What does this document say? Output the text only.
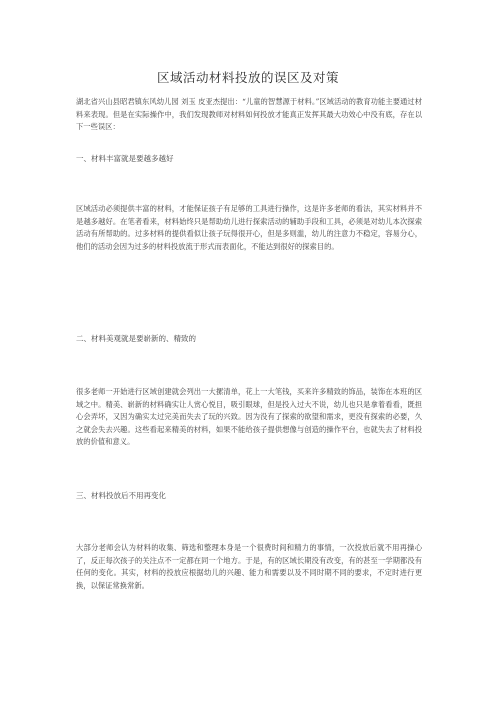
区域活动材料投放的误区及对策

湖北省兴山县昭君镇东风幼儿园 刘玉 皮亚杰提出：“儿童的智慧源于材料。”区域活动的教育功能主要通过材料来表现。但是在实际操作中，我们发现教师对材料如何投放才能真正发挥其最大功效心中没有底，存在以下一些误区：

一、材料丰富就是要越多越好

区域活动必须提供丰富的材料，才能保证孩子有足够的工具进行操作，这是许多老师的看法，其实材料并不是越多越好。在笔者看来，材料始终只是帮助幼儿进行探索活动的辅助手段和工具，必须是对幼儿本次探索活动有所帮助的。过多材料的提供看似让孩子玩得很开心，但是多则滥，幼儿的注意力不稳定，容易分心，他们的活动会因为过多的材料投放流于形式而表面化，不能达到很好的探索目的。

二、材料美观就是要崭新的、精致的

很多老师一开始进行区域创建就会列出一大摞清单，花上一大笔钱，买来许多精致的饰品，装饰在本班的区域之中。精美、崭新的材料确实让人赏心悦目，吸引眼球，但是投入过大不说，幼儿也只是拿着看看，既担心会弄坏，又因为确实太过完美而失去了玩的兴致。因为没有了探索的欲望和需求，更没有探索的必要，久之就会失去兴趣。这些看起来精美的材料，如果不能给孩子提供想像与创造的操作平台，也就失去了材料投放的价值和意义。

三、材料投放后不用再变化

大部分老师会认为材料的收集、筛选和整理本身是一个很费时间和精力的事情，一次投放后就不用再操心了，反正每次孩子的关注点不一定都在同一个地方。于是，有的区域长期没有改变，有的甚至一学期都没有任何的变化。其实，材料的投放应根据幼儿的兴趣、能力和需要以及不同时期不同的要求，不定时进行更换，以保证常换常新。
